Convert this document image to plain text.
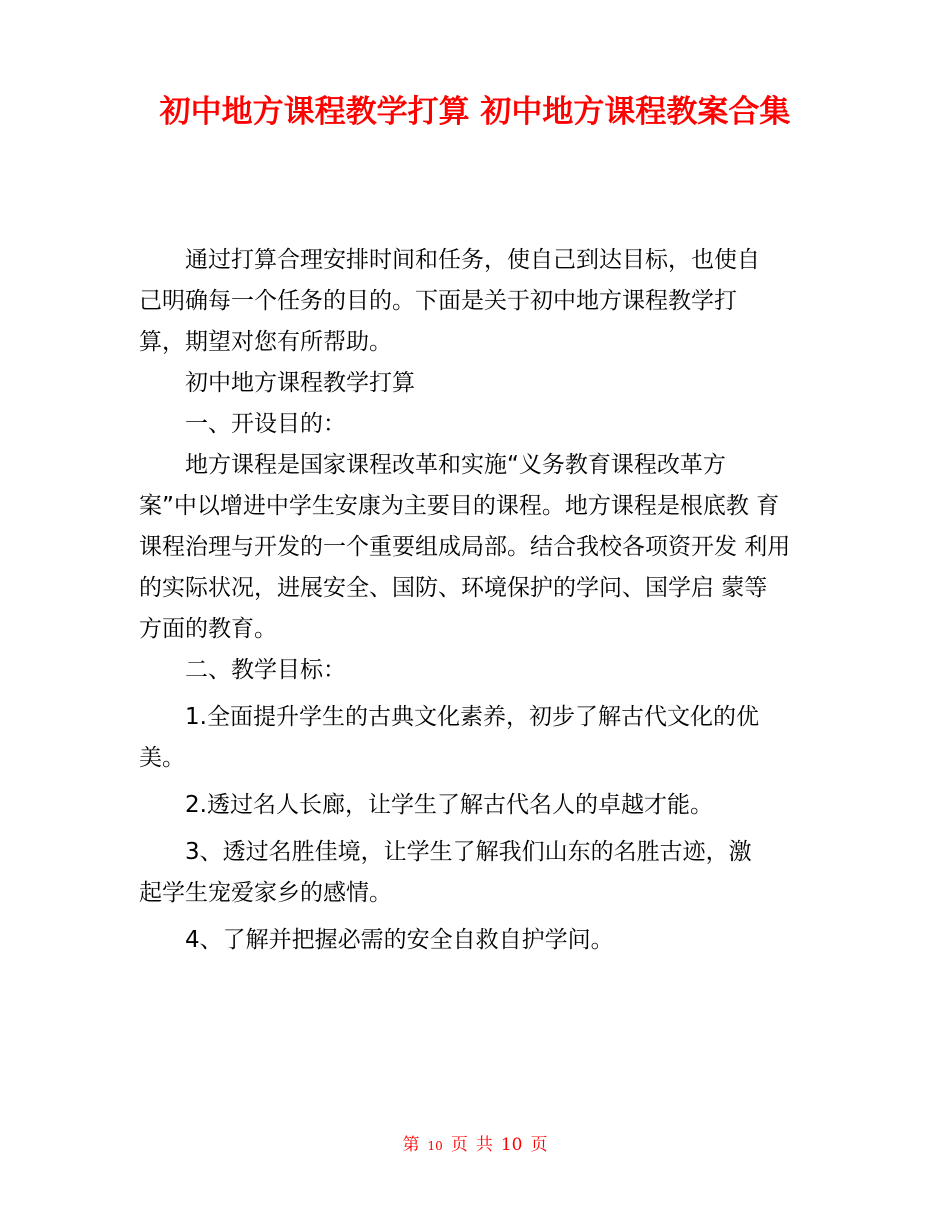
初中地方课程教学打算 初中地方课程教案合集

通过打算合理安排时间和任务，使自己到达目标，也使自
己明确每一个任务的目的。下面是关于初中地方课程教学打
算，期望对您有所帮助。

初中地方课程教学打算

一、开设目的：

地方课程是国家课程改革和实施“义务教育课程改革方
案”中以增进中学生安康为主要目的课程。地方课程是根底教 育
课程治理与开发的一个重要组成局部。结合我校各项资开发 利用
的实际状况，进展安全、国防、环境保护的学问、国学启 蒙等
方面的教育。

二、教学目标：

1.全面提升学生的古典文化素养，初步了解古代文化的优
美。

2.透过名人长廊，让学生了解古代名人的卓越才能。

3、透过名胜佳境，让学生了解我们山东的名胜古迹，激
起学生宠爱家乡的感情。

4、了解并把握必需的安全自救自护学问。

第 10 页 共 10 页
